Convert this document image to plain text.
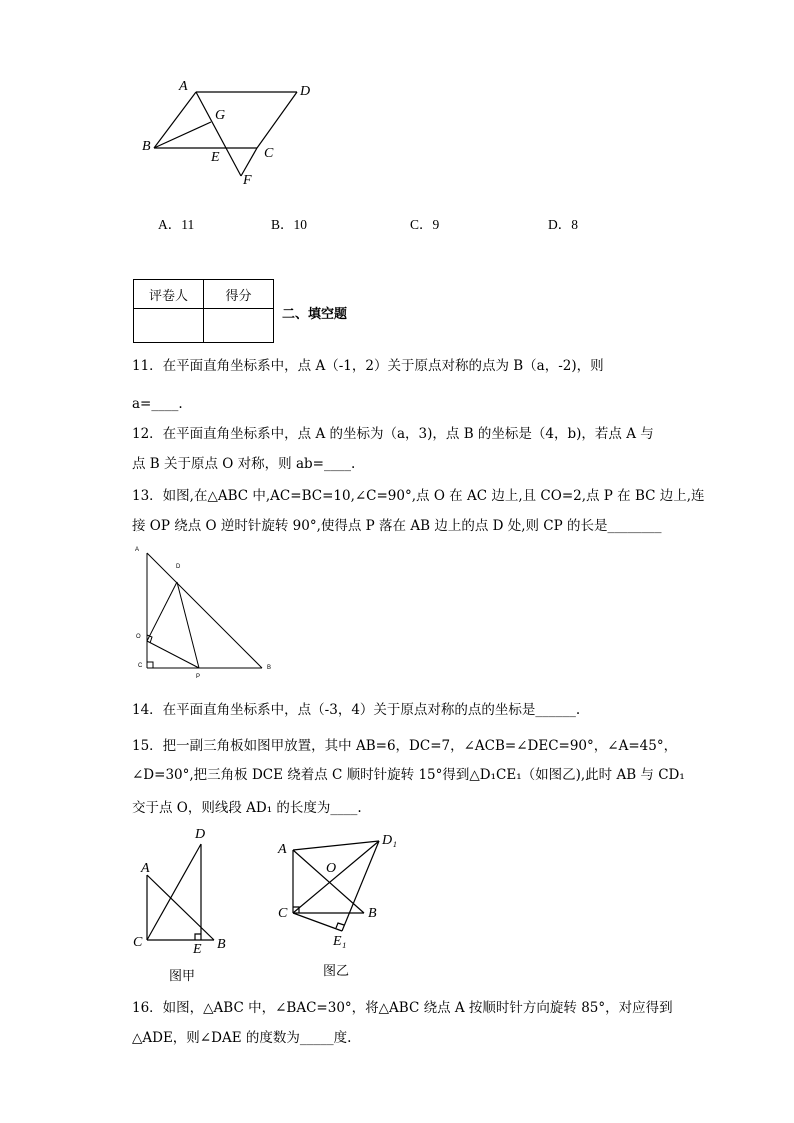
A	D
G
B
E	C
F
A．11	B．10	C．9	D．8
评卷人	得分

二、填空题
11．在平面直角坐标系中，点 A（-1，2）关于原点对称的点为 B（a，-2)，则
a=____.
12．在平面直角坐标系中，点 A 的坐标为（a，3)，点 B 的坐标是（4，b)，若点 A 与
点 B 关于原点 O 对称，则 ab=____.
13．如图,在△ABC 中,AC=BC=10,∠C=90°,点 O 在 AC 边上,且 CO=2,点 P 在 BC 边上,连
接 OP 绕点 O 逆时针旋转 90°,使得点 P 落在 AB 边上的点 D 处,则 CP 的长是________
A
D
O
C
P
B
14．在平面直角坐标系中，点（-3，4）关于原点对称的点的坐标是______.
15．把一副三角板如图甲放置，其中 AB=6，DC=7，∠ACB=∠DEC=90°，∠A=45°，
∠D=30°,把三角板 DCE 绕着点 C 顺时针旋转 15°得到△D₁CE₁（如图乙),此时 AB 与 CD₁
交于点 O，则线段 AD₁ 的长度为____.
D
A
C	E B
图甲
A
D₁
O
C	B
E₁
图乙
16．如图，△ABC 中，∠BAC=30°，将△ABC 绕点 A 按顺时针方向旋转 85°，对应得到
△ADE，则∠DAE 的度数为_____度.
